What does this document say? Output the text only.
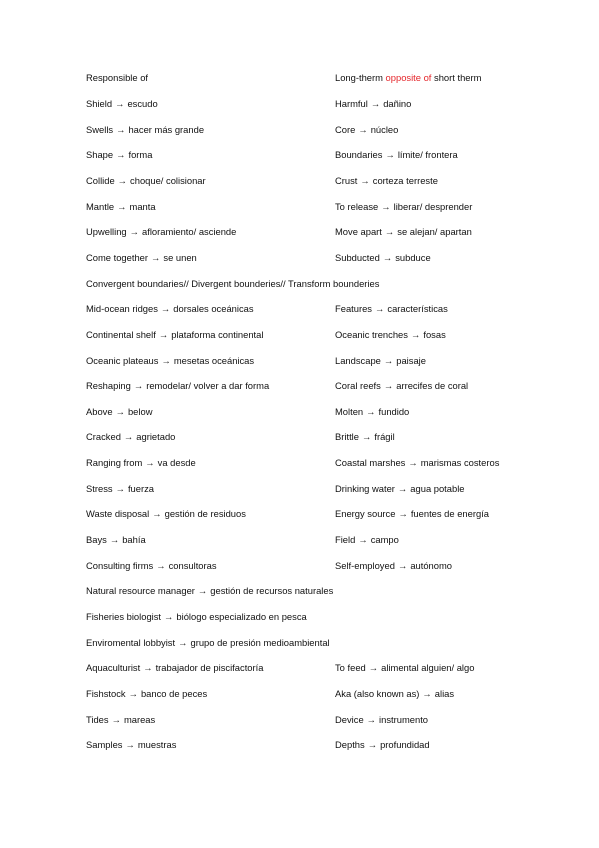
Responsible of	Long-therm opposite of short therm
Shield → escudo	Harmful → dañino
Swells → hacer más grande	Core → núcleo
Shape → forma	Boundaries → límite/ frontera
Collide → choque/ colisionar	Crust → corteza terreste
Mantle → manta	To release → liberar/ desprender
Upwelling → afloramiento/ asciende	Move apart → se alejan/ apartan
Come together → se unen	Subducted → subduce
Convergent boundaries// Divergent bounderies// Transform bounderies
Mid-ocean ridges → dorsales oceánicas	Features → características
Continental shelf → plataforma continental	Oceanic trenches → fosas
Oceanic plateaus → mesetas oceánicas	Landscape → paisaje
Reshaping → remodelar/ volver a dar forma	Coral reefs → arrecifes de coral
Above → below	Molten → fundido
Cracked → agrietado	Brittle → frágil
Ranging from → va desde	Coastal marshes → marismas costeros
Stress → fuerza	Drinking water → agua potable
Waste disposal → gestión de residuos	Energy source → fuentes de energía
Bays → bahía	Field → campo
Consulting firms → consultoras	Self-employed → autónomo
Natural resource manager → gestión de recursos naturales
Fisheries biologist → biólogo especializado en pesca
Enviromental lobbyist → grupo de presión medioambiental
Aquaculturist → trabajador de piscifactoría	To feed → alimental alguien/ algo
Fishstock → banco de peces	Aka (also known as) → alias
Tides → mareas	Device → instrumento
Samples → muestras	Depths → profundidad
